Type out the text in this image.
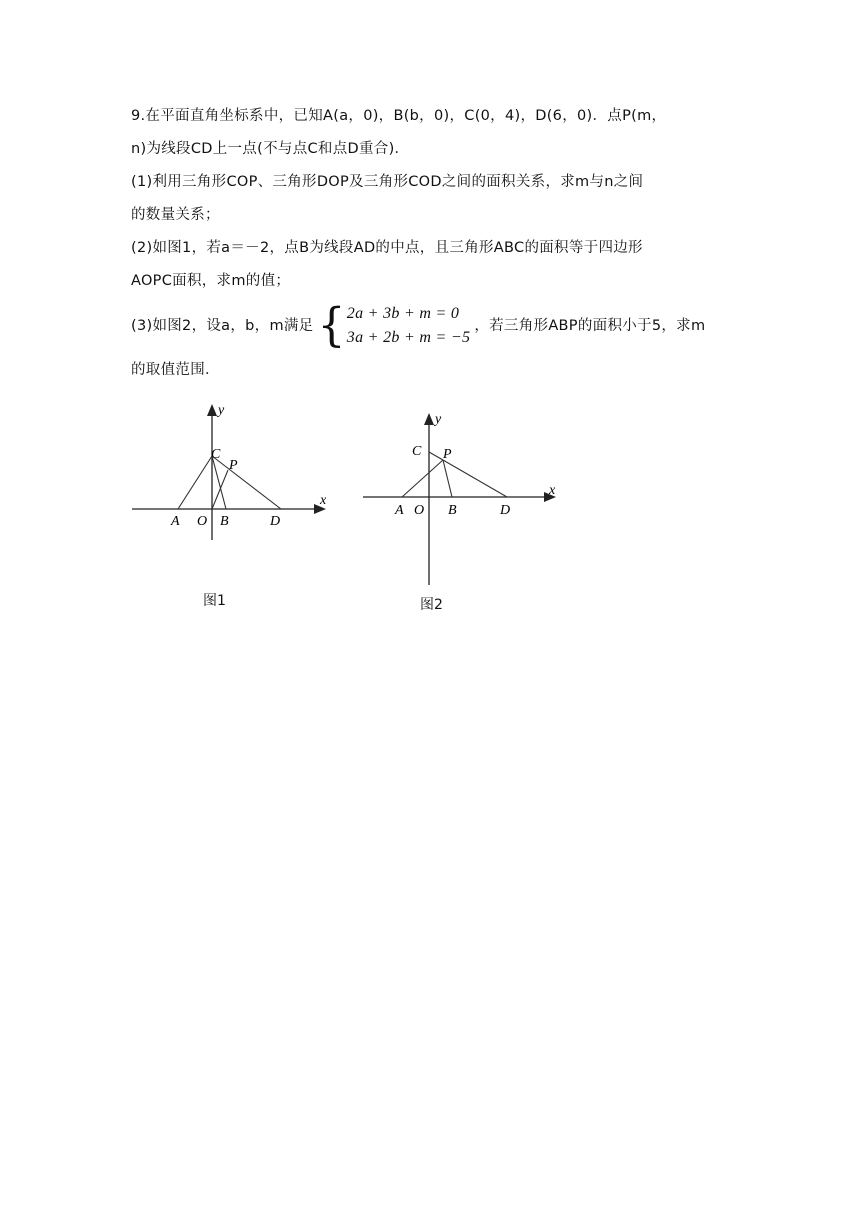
9.在平面直角坐标系中，已知A(a，0)，B(b，0)，C(0，4)，D(6，0)．点P(m，
n)为线段CD上一点(不与点C和点D重合)．
(1)利用三角形COP、三角形DOP及三角形COD之间的面积关系，求m与n之间
的数量关系；
(2)如图1，若a＝－2，点B为线段AD的中点，且三角形ABC的面积等于四边形
AOPC面积，求m的值；
(3)如图2，设a，b，m满足 { 2a + 3b + m = 0
3a + 2b + m = −5
，若三角形ABP的面积小于5，求m
的取值范围．
x
y
C
P
A O B	D
图1
x
y
C P
A O B	D
图2
